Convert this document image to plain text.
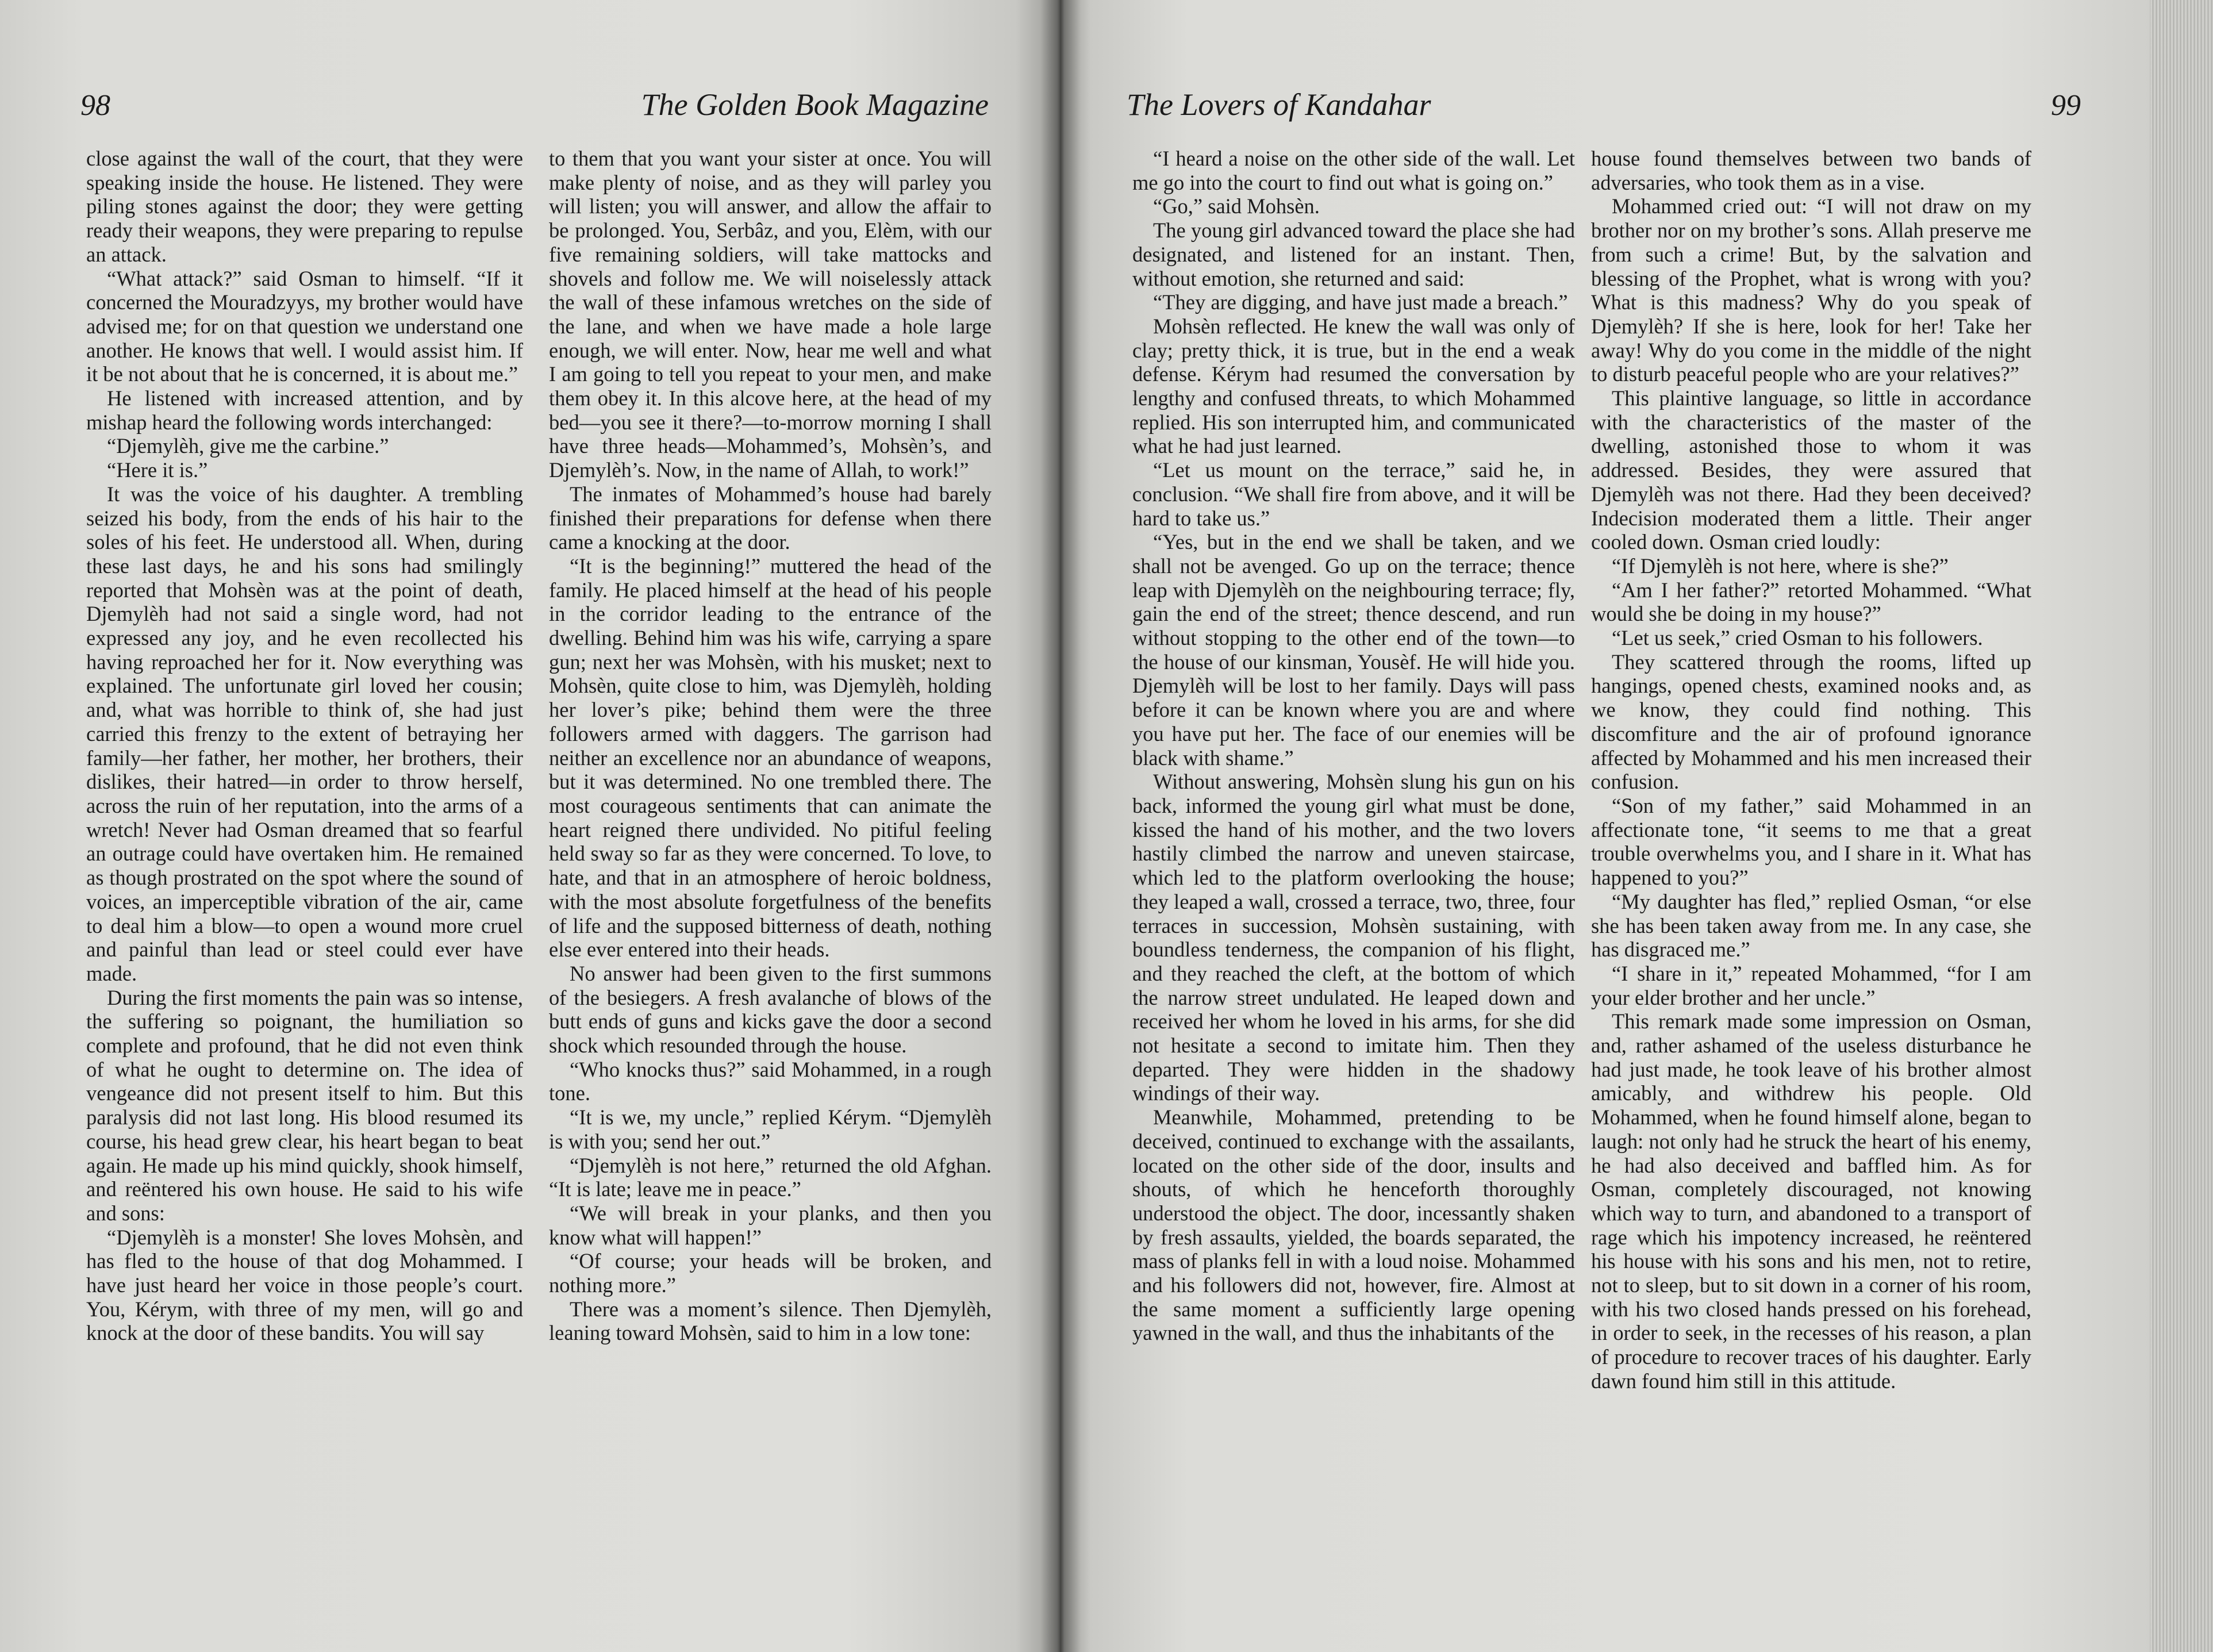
98	The Golden Book Magazine

close against the wall of the court, that they were speaking inside the house. He listened. They were piling stones against the door; they were getting ready their weapons, they were preparing to repulse an attack.

“What attack?” said Osman to himself. “If it concerned the Mouradzyys, my brother would have advised me; for on that question we understand one another. He knows that well. I would assist him. If it be not about that he is concerned, it is about me.”

He listened with increased attention, and by mishap heard the following words interchanged:

“Djemylèh, give me the carbine.”

“Here it is.”

It was the voice of his daughter. A trembling seized his body, from the ends of his hair to the soles of his feet. He understood all. When, during these last days, he and his sons had smilingly reported that Mohsèn was at the point of death, Djemylèh had not said a single word, had not expressed any joy, and he even recollected his having reproached her for it. Now everything was explained. The unfortunate girl loved her cousin; and, what was horrible to think of, she had just carried this frenzy to the extent of betraying her family—her father, her mother, her brothers, their dislikes, their hatred—in order to throw herself, across the ruin of her reputation, into the arms of a wretch! Never had Osman dreamed that so fearful an outrage could have overtaken him. He remained as though prostrated on the spot where the sound of voices, an imperceptible vibration of the air, came to deal him a blow—to open a wound more cruel and painful than lead or steel could ever have made.

During the first moments the pain was so intense, the suffering so poignant, the humiliation so complete and profound, that he did not even think of what he ought to determine on. The idea of vengeance did not present itself to him. But this paralysis did not last long. His blood resumed its course, his head grew clear, his heart began to beat again. He made up his mind quickly, shook himself, and reëntered his own house. He said to his wife and sons:

“Djemylèh is a monster! She loves Mohsèn, and has fled to the house of that dog Mohammed. I have just heard her voice in those people’s court. You, Kérym, with three of my men, will go and knock at the door of these bandits. You will say

to them that you want your sister at once. You will make plenty of noise, and as they will parley you will listen; you will answer, and allow the affair to be prolonged. You, Serbâz, and you, Elèm, with our five remaining soldiers, will take mattocks and shovels and follow me. We will noiselessly attack the wall of these infamous wretches on the side of the lane, and when we have made a hole large enough, we will enter. Now, hear me well and what I am going to tell you repeat to your men, and make them obey it. In this alcove here, at the head of my bed—you see it there?—to-morrow morning I shall have three heads—Mohammed’s, Mohsèn’s, and Djemylèh’s. Now, in the name of Allah, to work!”

The inmates of Mohammed’s house had barely finished their preparations for defense when there came a knocking at the door.

“It is the beginning!” muttered the head of the family. He placed himself at the head of his people in the corridor leading to the entrance of the dwelling. Behind him was his wife, carrying a spare gun; next her was Mohsèn, with his musket; next to Mohsèn, quite close to him, was Djemylèh, holding her lover’s pike; behind them were the three followers armed with daggers. The garrison had neither an excellence nor an abundance of weapons, but it was determined. No one trembled there. The most courageous sentiments that can animate the heart reigned there undivided. No pitiful feeling held sway so far as they were concerned. To love, to hate, and that in an atmosphere of heroic boldness, with the most absolute forgetfulness of the benefits of life and the supposed bitterness of death, nothing else ever entered into their heads.

No answer had been given to the first summons of the besiegers. A fresh avalanche of blows of the butt ends of guns and kicks gave the door a second shock which resounded through the house.

“Who knocks thus?” said Mohammed, in a rough tone.

“It is we, my uncle,” replied Kérym. “Djemylèh is with you; send her out.”

“Djemylèh is not here,” returned the old Afghan. “It is late; leave me in peace.”

“We will break in your planks, and then you know what will happen!”

“Of course; your heads will be broken, and nothing more.”

There was a moment’s silence. Then Djemylèh, leaning toward Mohsèn, said to him in a low tone:

The Lovers of Kandahar	99

“I heard a noise on the other side of the wall. Let me go into the court to find out what is going on.”

“Go,” said Mohsèn.

The young girl advanced toward the place she had designated, and listened for an instant. Then, without emotion, she returned and said:

“They are digging, and have just made a breach.”

Mohsèn reflected. He knew the wall was only of clay; pretty thick, it is true, but in the end a weak defense. Kérym had resumed the conversation by lengthy and confused threats, to which Mohammed replied. His son interrupted him, and communicated what he had just learned.

“Let us mount on the terrace,” said he, in conclusion. “We shall fire from above, and it will be hard to take us.”

“Yes, but in the end we shall be taken, and we shall not be avenged. Go up on the terrace; thence leap with Djemylèh on the neighbouring terrace; fly, gain the end of the street; thence descend, and run without stopping to the other end of the town—to the house of our kinsman, Yousèf. He will hide you. Djemylèh will be lost to her family. Days will pass before it can be known where you are and where you have put her. The face of our enemies will be black with shame.”

Without answering, Mohsèn slung his gun on his back, informed the young girl what must be done, kissed the hand of his mother, and the two lovers hastily climbed the narrow and uneven staircase, which led to the platform overlooking the house; they leaped a wall, crossed a terrace, two, three, four terraces in succession, Mohsèn sustaining, with boundless tenderness, the companion of his flight, and they reached the cleft, at the bottom of which the narrow street undulated. He leaped down and received her whom he loved in his arms, for she did not hesitate a second to imitate him. Then they departed. They were hidden in the shadowy windings of their way.

Meanwhile, Mohammed, pretending to be deceived, continued to exchange with the assailants, located on the other side of the door, insults and shouts, of which he henceforth thoroughly understood the object. The door, incessantly shaken by fresh assaults, yielded, the boards separated, the mass of planks fell in with a loud noise. Mohammed and his followers did not, however, fire. Almost at the same moment a sufficiently large opening yawned in the wall, and thus the inhabitants of the

house found themselves between two bands of adversaries, who took them as in a vise.

Mohammed cried out: “I will not draw on my brother nor on my brother’s sons. Allah preserve me from such a crime! But, by the salvation and blessing of the Prophet, what is wrong with you? What is this madness? Why do you speak of Djemylèh? If she is here, look for her! Take her away! Why do you come in the middle of the night to disturb peaceful people who are your relatives?”

This plaintive language, so little in accordance with the characteristics of the master of the dwelling, astonished those to whom it was addressed. Besides, they were assured that Djemylèh was not there. Had they been deceived? Indecision moderated them a little. Their anger cooled down. Osman cried loudly:

“If Djemylèh is not here, where is she?”

“Am I her father?” retorted Mohammed. “What would she be doing in my house?”

“Let us seek,” cried Osman to his followers.

They scattered through the rooms, lifted up hangings, opened chests, examined nooks and, as we know, they could find nothing. This discomfiture and the air of profound ignorance affected by Mohammed and his men increased their confusion.

“Son of my father,” said Mohammed in an affectionate tone, “it seems to me that a great trouble overwhelms you, and I share in it. What has happened to you?”

“My daughter has fled,” replied Osman, “or else she has been taken away from me. In any case, she has disgraced me.”

“I share in it,” repeated Mohammed, “for I am your elder brother and her uncle.”

This remark made some impression on Osman, and, rather ashamed of the useless disturbance he had just made, he took leave of his brother almost amicably, and withdrew his people. Old Mohammed, when he found himself alone, began to laugh: not only had he struck the heart of his enemy, he had also deceived and baffled him. As for Osman, completely discouraged, not knowing which way to turn, and abandoned to a transport of rage which his impotency increased, he reëntered his house with his sons and his men, not to retire, not to sleep, but to sit down in a corner of his room, with his two closed hands pressed on his forehead, in order to seek, in the recesses of his reason, a plan of procedure to recover traces of his daughter. Early dawn found him still in this attitude.
